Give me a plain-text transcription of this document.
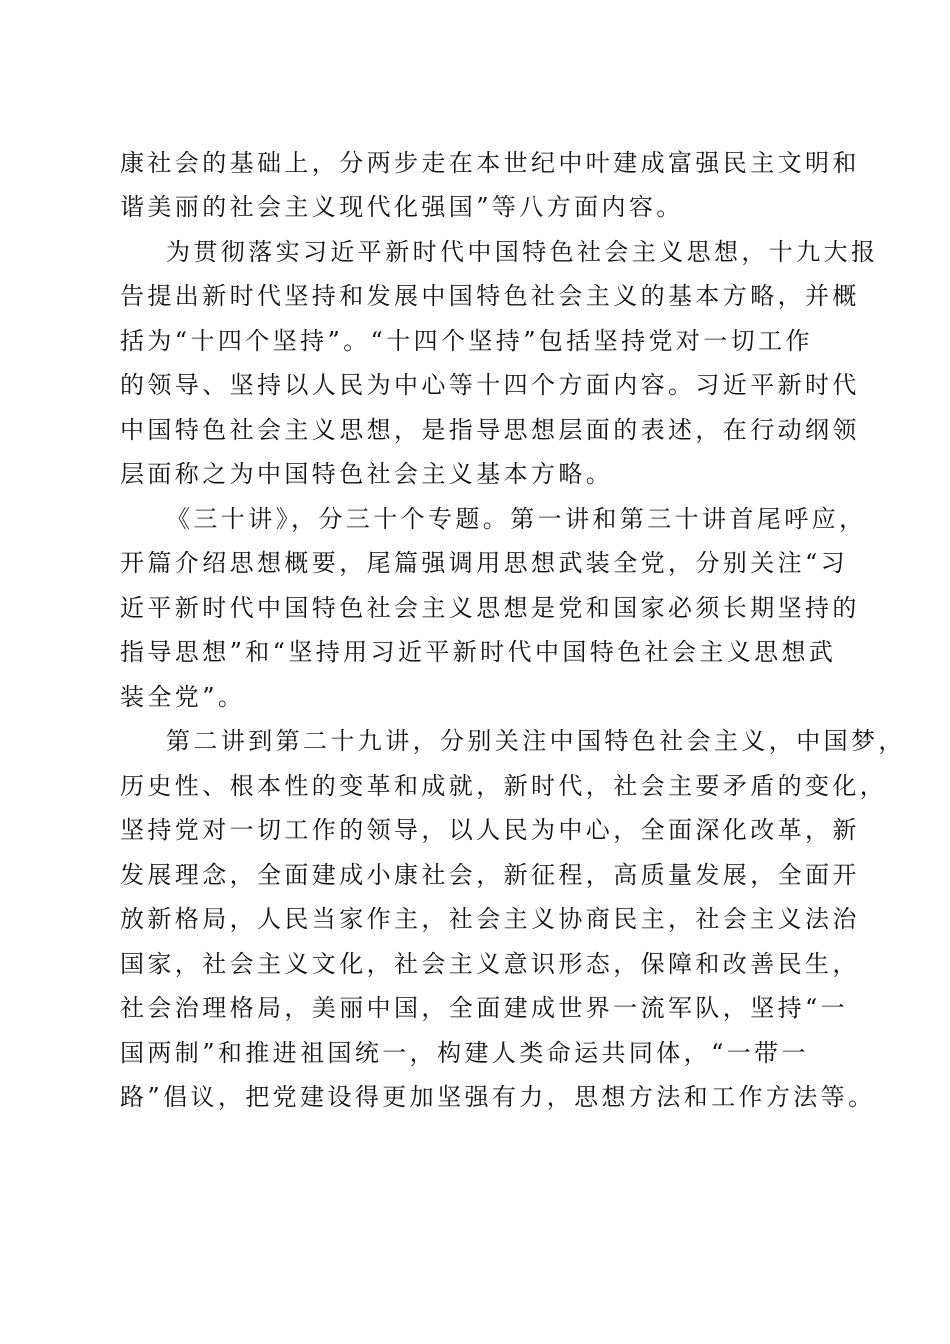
康社会的基础上，分两步走在本世纪中叶建成富强民主文明和

谐美丽的社会主义现代化强国”等八方面内容。

为贯彻落实习近平新时代中国特色社会主义思想，十九大报

告提出新时代坚持和发展中国特色社会主义的基本方略，并概

括为“十四个坚持”。“十四个坚持”包括坚持党对一切工作

的领导、坚持以人民为中心等十四个方面内容。习近平新时代

中国特色社会主义思想，是指导思想层面的表述，在行动纲领

层面称之为中国特色社会主义基本方略。

《三十讲》，分三十个专题。第一讲和第三十讲首尾呼应，

开篇介绍思想概要，尾篇强调用思想武装全党，分别关注“习

近平新时代中国特色社会主义思想是党和国家必须长期坚持的

指导思想”和“坚持用习近平新时代中国特色社会主义思想武

装全党”。

第二讲到第二十九讲，分别关注中国特色社会主义，中国梦，

历史性、根本性的变革和成就，新时代，社会主要矛盾的变化，

坚持党对一切工作的领导，以人民为中心，全面深化改革，新

发展理念，全面建成小康社会，新征程，高质量发展，全面开

放新格局，人民当家作主，社会主义协商民主，社会主义法治

国家，社会主义文化，社会主义意识形态，保障和改善民生，

社会治理格局，美丽中国，全面建成世界一流军队，坚持“一

国两制”和推进祖国统一，构建人类命运共同体，“一带一

路”倡议，把党建设得更加坚强有力，思想方法和工作方法等。
